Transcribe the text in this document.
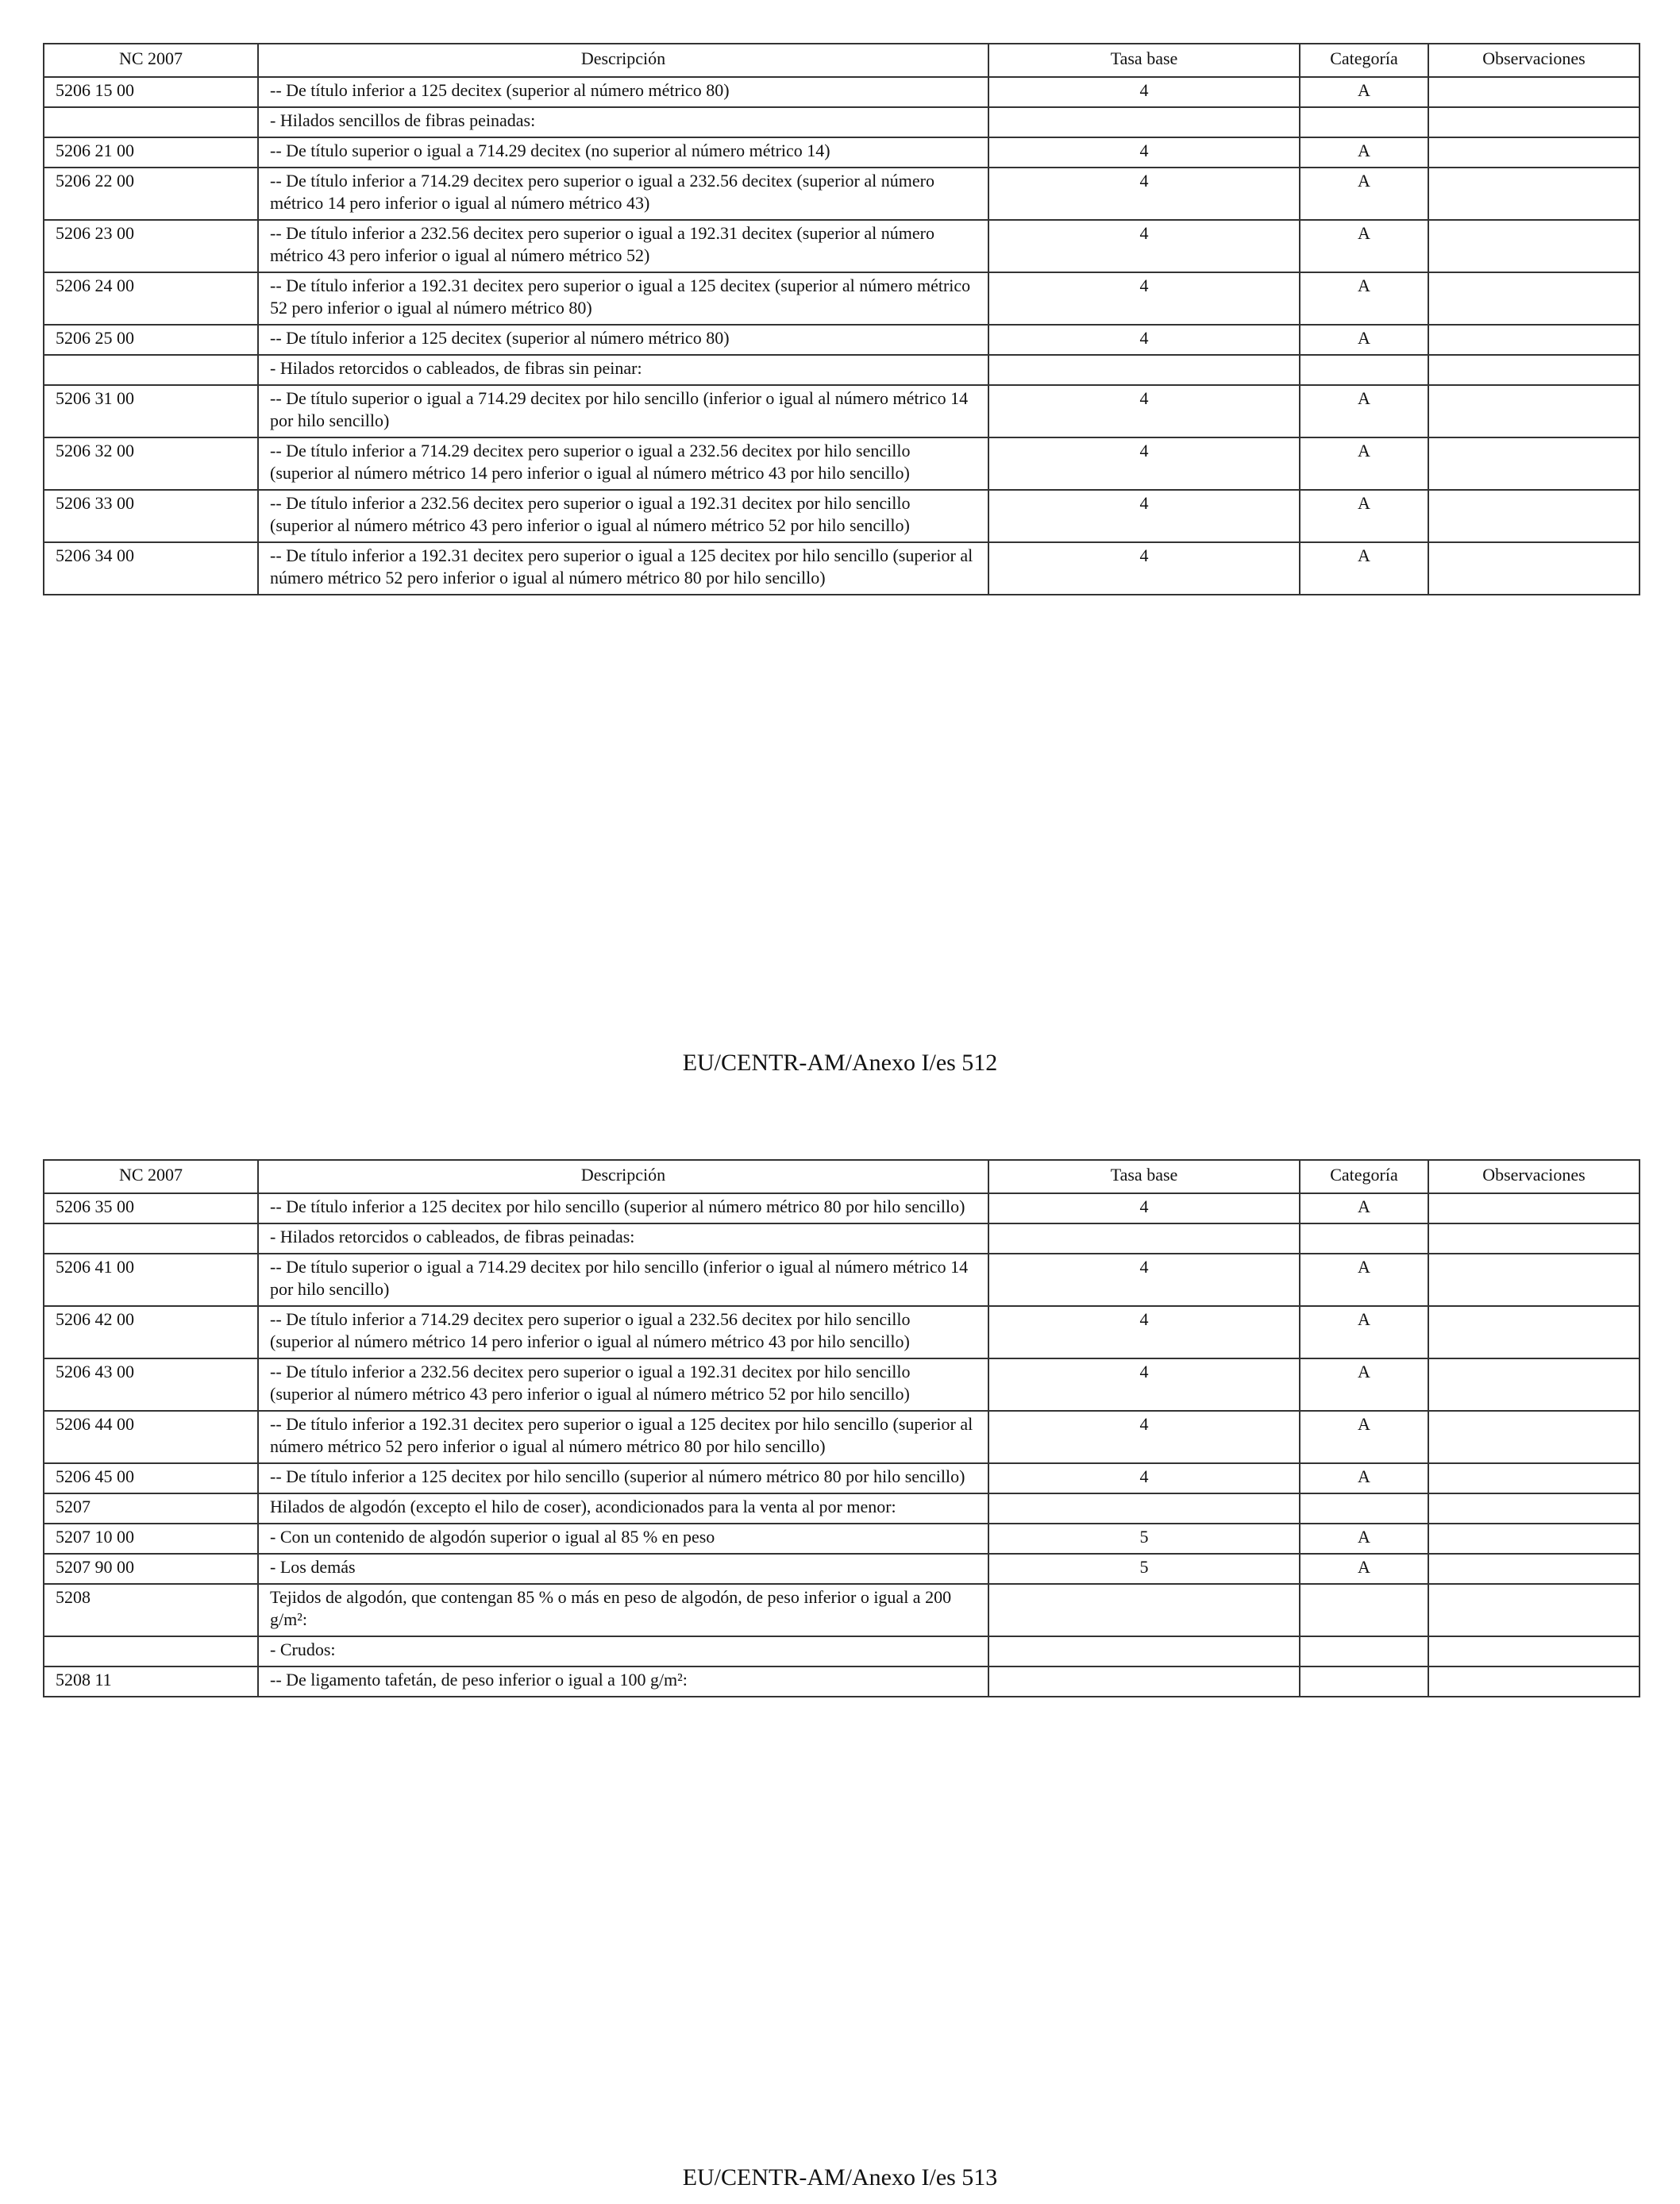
NC 2007	Descripción	Tasa base	Categoría	Observaciones
5206 15 00	-- De título inferior a 125 decitex (superior al número métrico 80)	4	A	
	- Hilados sencillos de fibras peinadas:			
5206 21 00	-- De título superior o igual a 714.29 decitex (no superior al número métrico 14)	4	A	
5206 22 00	-- De título inferior a 714.29 decitex pero superior o igual a 232.56 decitex (superior al número métrico 14 pero inferior o igual al número métrico 43)	4	A	
5206 23 00	-- De título inferior a 232.56 decitex pero superior o igual a 192.31 decitex (superior al número métrico 43 pero inferior o igual al número métrico 52)	4	A	
5206 24 00	-- De título inferior a 192.31 decitex pero superior o igual a 125 decitex (superior al número métrico 52 pero inferior o igual al número métrico 80)	4	A	
5206 25 00	-- De título inferior a 125 decitex (superior al número métrico 80)	4	A	
	- Hilados retorcidos o cableados, de fibras sin peinar:			
5206 31 00	-- De título superior o igual a 714.29 decitex por hilo sencillo (inferior o igual al número métrico 14 por hilo sencillo)	4	A	
5206 32 00	-- De título inferior a 714.29 decitex pero superior o igual a 232.56 decitex por hilo sencillo (superior al número métrico 14 pero inferior o igual al número métrico 43 por hilo sencillo)	4	A	
5206 33 00	-- De título inferior a 232.56 decitex pero superior o igual a 192.31 decitex por hilo sencillo (superior al número métrico 43 pero inferior o igual al número métrico 52 por hilo sencillo)	4	A	
5206 34 00	-- De título inferior a 192.31 decitex pero superior o igual a 125 decitex por hilo sencillo (superior al número métrico 52 pero inferior o igual al número métrico 80 por hilo sencillo)	4	A	
EU/CENTR-AM/Anexo I/es 512
NC 2007	Descripción	Tasa base	Categoría	Observaciones
5206 35 00	-- De título inferior a 125 decitex por hilo sencillo (superior al número métrico 80 por hilo sencillo)	4	A	
	- Hilados retorcidos o cableados, de fibras peinadas:			
5206 41 00	-- De título superior o igual a 714.29 decitex por hilo sencillo (inferior o igual al número métrico 14 por hilo sencillo)	4	A	
5206 42 00	-- De título inferior a 714.29 decitex pero superior o igual a 232.56 decitex por hilo sencillo (superior al número métrico 14 pero inferior o igual al número métrico 43 por hilo sencillo)	4	A	
5206 43 00	-- De título inferior a 232.56 decitex pero superior o igual a 192.31 decitex por hilo sencillo (superior al número métrico 43 pero inferior o igual al número métrico 52 por hilo sencillo)	4	A	
5206 44 00	-- De título inferior a 192.31 decitex pero superior o igual a 125 decitex por hilo sencillo (superior al número métrico 52 pero inferior o igual al número métrico 80 por hilo sencillo)	4	A	
5206 45 00	-- De título inferior a 125 decitex por hilo sencillo (superior al número métrico 80 por hilo sencillo)	4	A	
5207	Hilados de algodón (excepto el hilo de coser), acondicionados para la venta al por menor:			
5207 10 00	- Con un contenido de algodón superior o igual al 85 % en peso	5	A	
5207 90 00	- Los demás	5	A	
5208	Tejidos de algodón, que contengan 85 % o más en peso de algodón, de peso inferior o igual a 200 g/m²:			
	- Crudos:			
5208 11	-- De ligamento tafetán, de peso inferior o igual a 100 g/m²:			
EU/CENTR-AM/Anexo I/es 513
